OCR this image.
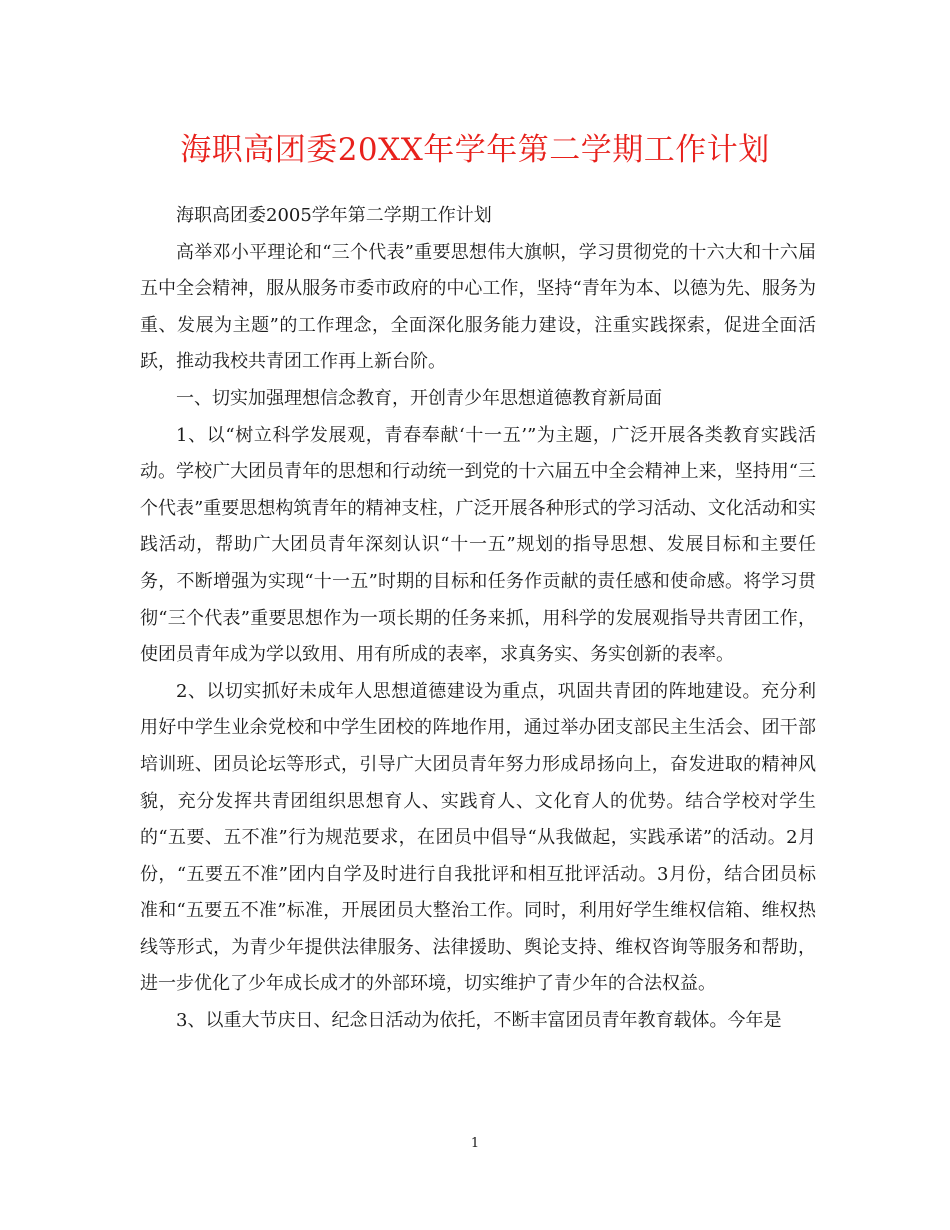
海职高团委20XX年学年第二学期工作计划

海职高团委2005学年第二学期工作计划

高举邓小平理论和“三个代表”重要思想伟大旗帜，学习贯彻党的十六大和十六届五中全会精神，服从服务市委市政府的中心工作，坚持“青年为本、以德为先、服务为重、发展为主题”的工作理念，全面深化服务能力建设，注重实践探索，促进全面活跃，推动我校共青团工作再上新台阶。

一、切实加强理想信念教育，开创青少年思想道德教育新局面

1、以“树立科学发展观，青春奉献‘十一五’”为主题，广泛开展各类教育实践活动。学校广大团员青年的思想和行动统一到党的十六届五中全会精神上来，坚持用“三个代表”重要思想构筑青年的精神支柱，广泛开展各种形式的学习活动、文化活动和实践活动，帮助广大团员青年深刻认识“十一五”规划的指导思想、发展目标和主要任务，不断增强为实现“十一五”时期的目标和任务作贡献的责任感和使命感。将学习贯彻“三个代表”重要思想作为一项长期的任务来抓，用科学的发展观指导共青团工作，使团员青年成为学以致用、用有所成的表率，求真务实、务实创新的表率。

2、以切实抓好未成年人思想道德建设为重点，巩固共青团的阵地建设。充分利用好中学生业余党校和中学生团校的阵地作用，通过举办团支部民主生活会、团干部培训班、团员论坛等形式，引导广大团员青年努力形成昂扬向上，奋发进取的精神风貌，充分发挥共青团组织思想育人、实践育人、文化育人的优势。结合学校对学生的“五要、五不准”行为规范要求，在团员中倡导“从我做起，实践承诺”的活动。2月份，“五要五不准”团内自学及时进行自我批评和相互批评活动。3月份，结合团员标准和“五要五不准”标准，开展团员大整治工作。同时，利用好学生维权信箱、维权热线等形式，为青少年提供法律服务、法律援助、舆论支持、维权咨询等服务和帮助，进一步优化了少年成长成才的外部环境，切实维护了青少年的合法权益。

3、以重大节庆日、纪念日活动为依托，不断丰富团员青年教育载体。今年是

1
